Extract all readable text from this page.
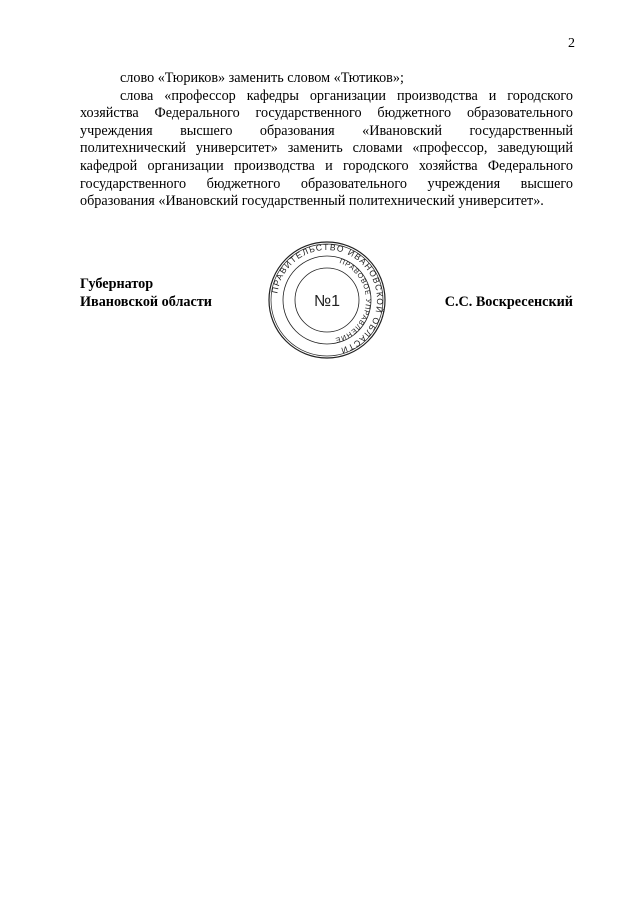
2

слово «Тюриков» заменить словом «Тютиков»;

слова «профессор кафедры организации производства и городского хозяйства Федерального государственного бюджетного образовательного учреждения высшего образования «Ивановский государственный политехнический университет» заменить словами «профессор, заведующий кафедрой организации производства и городского хозяйства Федерального государственного бюджетного образовательного учреждения высшего образования «Ивановский государственный политехнический университет».

Губернатор
Ивановской области	С.С. Воскресенский
ПРАВИТЕЛЬСТВО ИВАНОВСКОЙ ОБЛАСТИ
ПРАВОВОЕ УПРАВЛЕНИЕ
№1
